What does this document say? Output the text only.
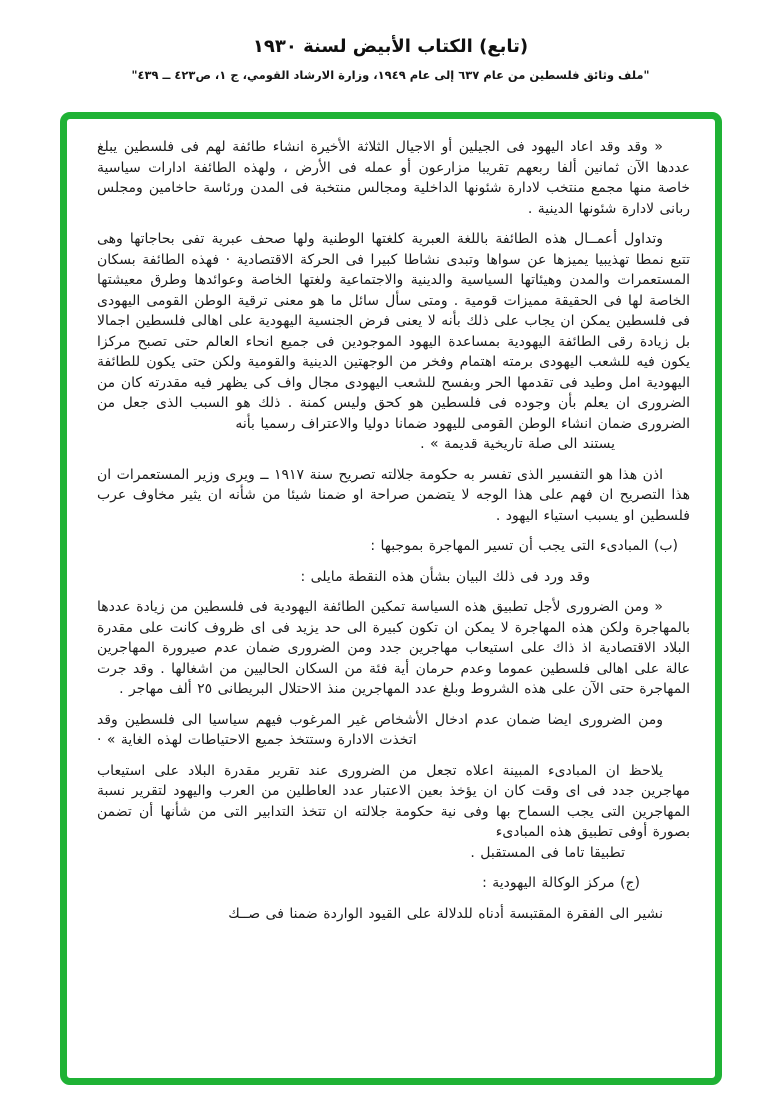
(تابع) الكتاب الأبيض لسنة ١٩٣٠
"ملف وثائق فلسطين من عام ٦٣٧ إلى عام ١٩٤٩، وزارة الارشاد القومي، ج ١، ص٤٢٣ ــ ٤٣٩"

« وقد وقد اعاد اليهود فى الجيلين أو الاجيال الثلاثة الأخيرة انشاء طائفة لهم فى فلسطين يبلغ عددها الآن ثمانين ألفا ربعهم تقريبا مزارعون أو عمله فى الأرض ، ولهذه الطائفة ادارات سياسية خاصة منها مجمع منتخب لادارة شئونها الداخلية ومجالس منتخبة فى المدن ورئاسة حاخامين ومجلس ربانى لادارة شئونها الدينية .

وتداول أعمــال هذه الطائفة باللغة العبرية كلغتها الوطنية ولها صحف عبرية تفى بحاجاتها وهى تتبع نمطا تهذيبيا يميزها عن سواها وتبدى نشاطا كبيرا فى الحركة الاقتصادية · فهذه الطائفة بسكان المستعمرات والمدن وهيئاتها السياسية والدينية والاجتماعية ولغتها الخاصة وعوائدها وطرق معيشتها الخاصة لها فى الحقيقة مميزات قومية . ومتى سأل سائل ما هو معنى ترقية الوطن القومى اليهودى فى فلسطين يمكن ان يجاب على ذلك بأنه لا يعنى فرض الجنسية اليهودية على اهالى فلسطين اجمالا بل زيادة رقى الطائفة اليهودية بمساعدة اليهود الموجودين فى جميع انحاء العالم حتى تصبح مركزا يكون فيه للشعب اليهودى برمته اهتمام وفخر من الوجهتين الدينية والقومية ولكن حتى يكون للطائفة اليهودية امل وطيد فى تقدمها الحر وبفسح للشعب اليهودى مجال واف كى يظهر فيه مقدرته كان من الضرورى ان يعلم بأن وجوده فى فلسطين هو كحق وليس كمنة . ذلك هو السبب الذى جعل من الضرورى ضمان انشاء الوطن القومى لليهود ضمانا دوليا والاعتراف رسميا بأنه

يستند الى صلة تاريخية قديمة » .

اذن هذا هو التفسير الذى تفسر به حكومة جلالته تصريح سنة ١٩١٧ ــ ويرى وزير المستعمرات ان هذا التصريح ان فهم على هذا الوجه لا يتضمن صراحة او ضمنا شيئا من شأنه ان يثير مخاوف عرب فلسطين او يسبب استياء اليهود .

(ب) المبادىء التى يجب أن تسير المهاجرة بموجبها :

وقد ورد فى ذلك البيان بشأن هذه النقطة مايلى :

« ومن الضرورى لأجل تطبيق هذه السياسة تمكين الطائفة اليهودية فى فلسطين من زيادة عددها بالمهاجرة ولكن هذه المهاجرة لا يمكن ان تكون كبيرة الى حد يزيد فى اى ظروف كانت على مقدرة البلاد الاقتصادية اذ ذاك على استيعاب مهاجرين جدد ومن الضرورى ضمان عدم صيرورة المهاجرين عالة على اهالى فلسطين عموما وعدم حرمان أية فئة من السكان الحاليين من اشغالها . وقد جرت المهاجرة حتى الآن على هذه الشروط وبلغ عدد المهاجرين منذ الاحتلال البريطانى ٢٥ ألف مهاجر .

ومن الضرورى ايضا ضمان عدم ادخال الأشخاص غير المرغوب فيهم سياسيا الى فلسطين وقد اتخذت الادارة وستتخذ جميع الاحتياطات لهذه الغاية » ·

يلاحظ ان المبادىء المبينة اعلاه تجعل من الضرورى عند تقرير مقدرة البلاد على استيعاب مهاجرين جدد فى اى وقت كان ان يؤخذ بعين الاعتبار عدد العاطلين من العرب واليهود لتقرير نسبة المهاجرين التى يجب السماح بها وفى نية حكومة جلالته ان تتخذ التدابير التى من شأنها أن تضمن بصورة أوفى تطبيق هذه المبادىء

تطبيقا تاما فى المستقبل .

(ج) مركز الوكالة اليهودية :

نشير الى الفقرة المقتبسة أدناه للدلالة على القيود الواردة ضمنا فى صــك
